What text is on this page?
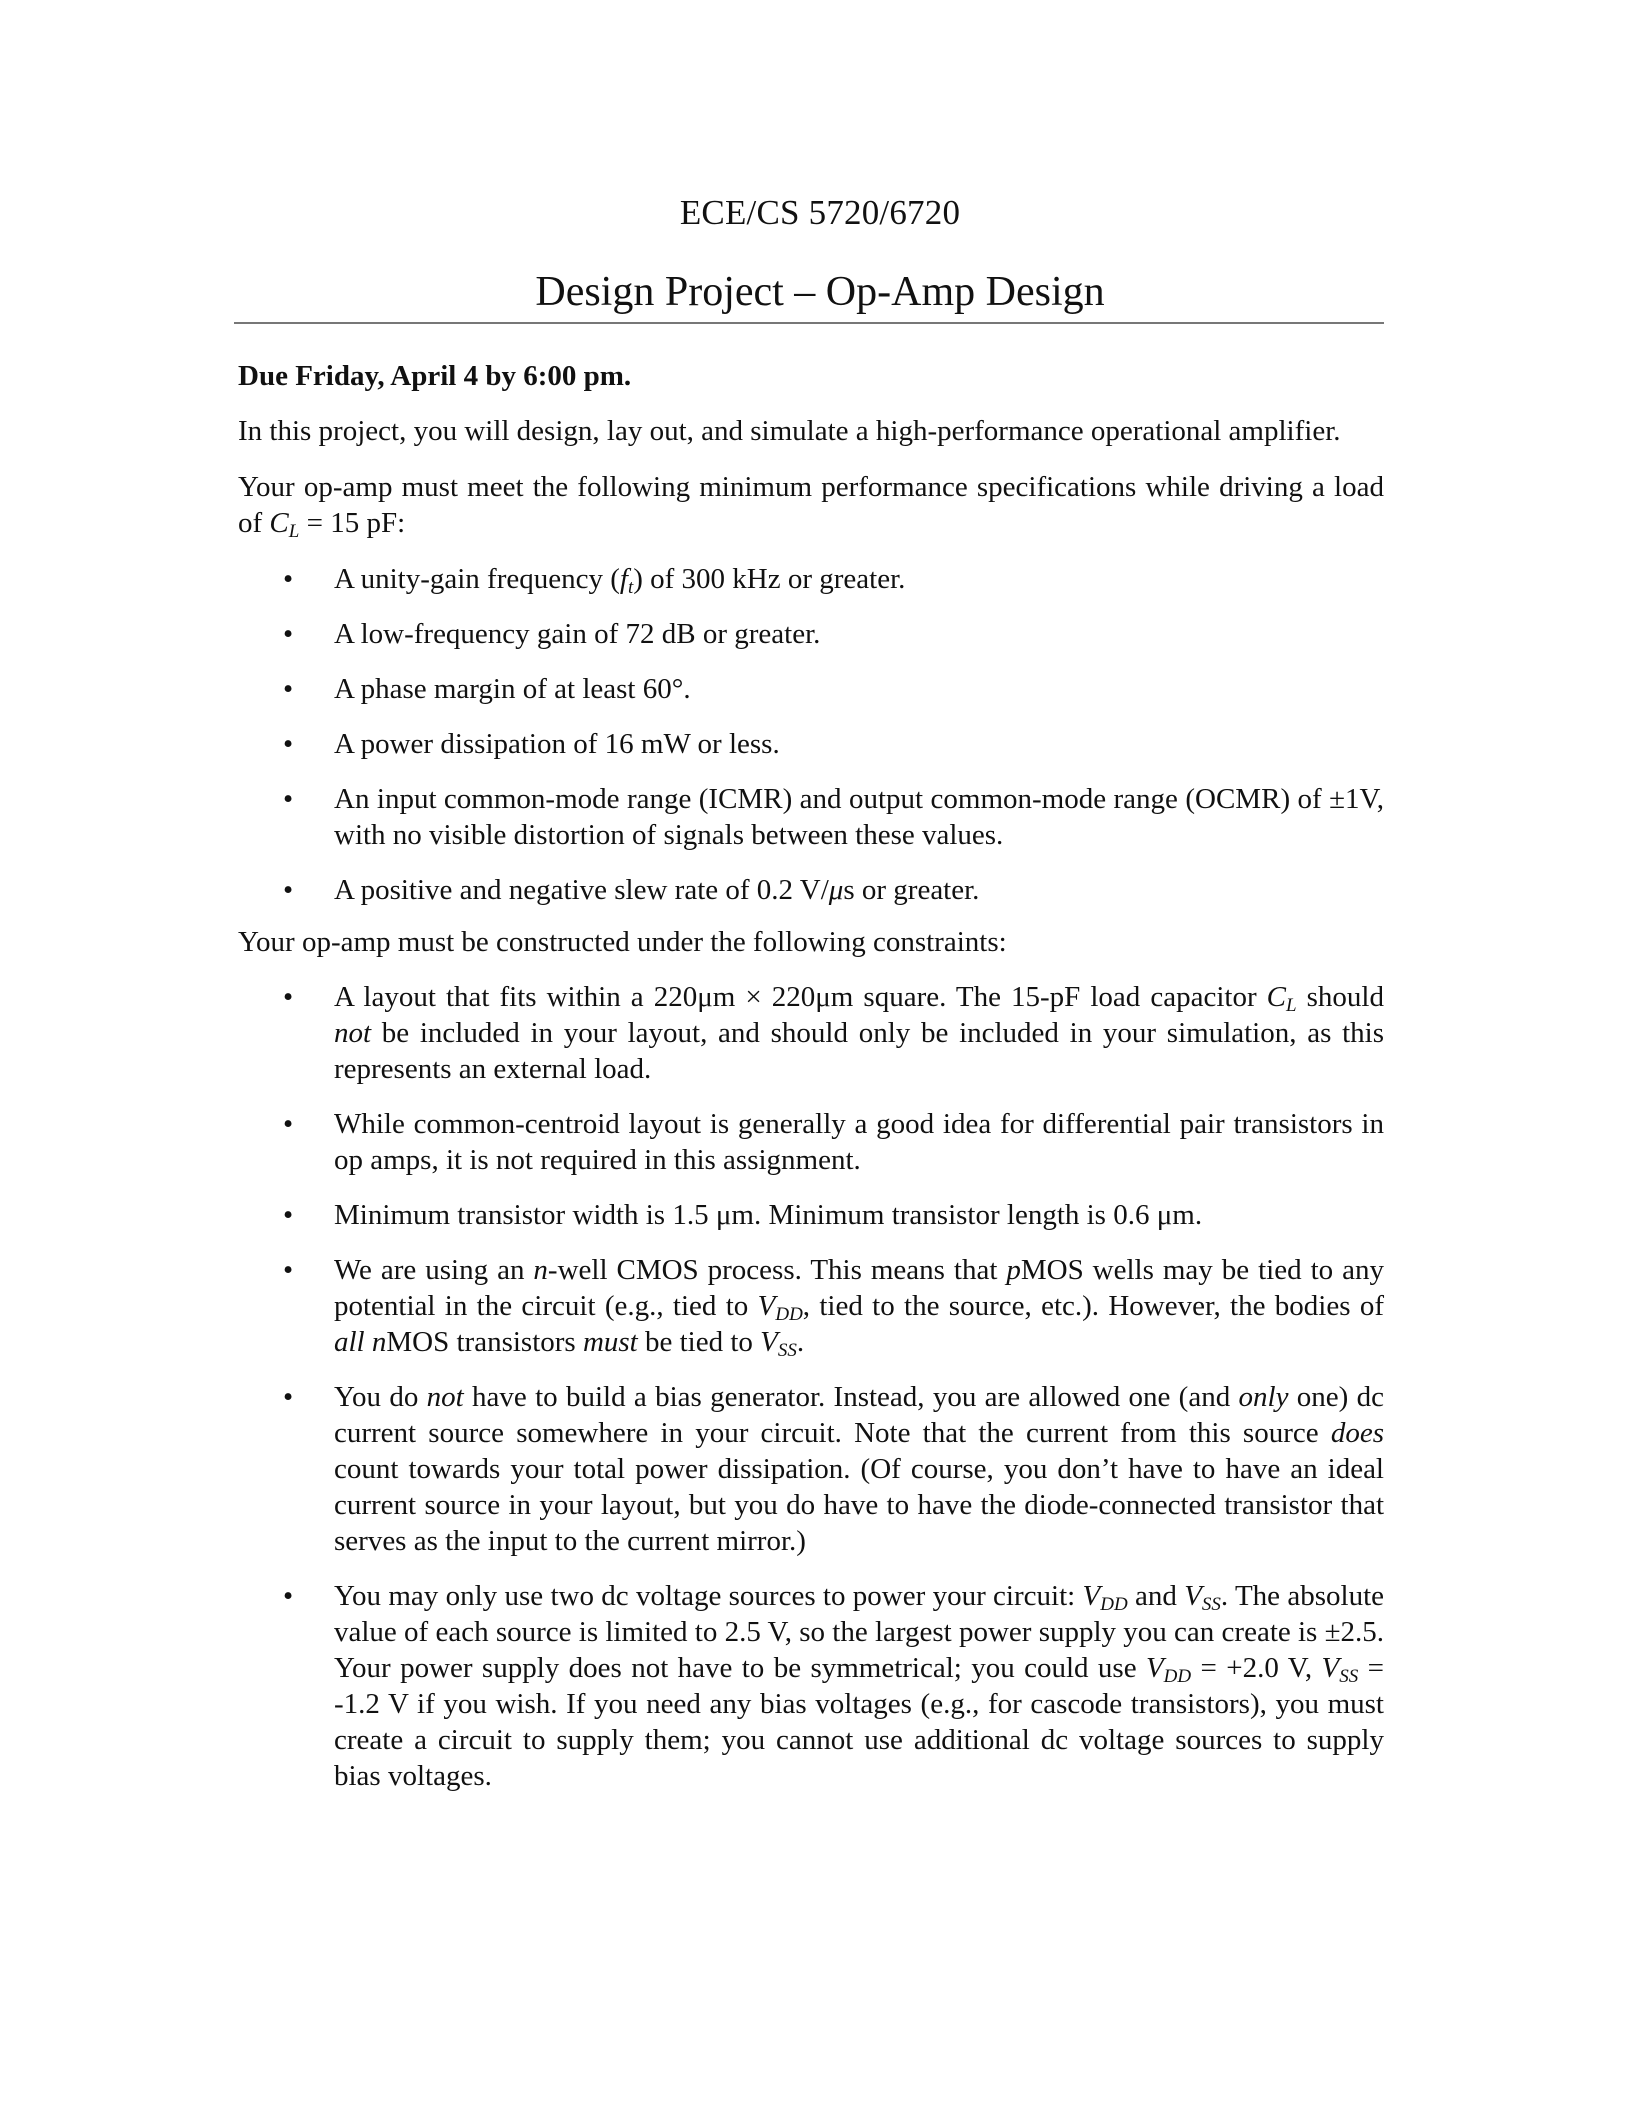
ECE/CS 5720/6720
Design Project – Op-Amp Design

Due Friday, April 4 by 6:00 pm.

In this project, you will design, lay out, and simulate a high-performance operational amplifier.

Your op-amp must meet the following minimum performance specifications while driving a load of $C_L = 15$ pF:

• A unity-gain frequency $(f_t)$ of 300 kHz or greater.
• A low-frequency gain of 72 dB or greater.
• A phase margin of at least 60°.
• A power dissipation of 16 mW or less.
• An input common-mode range (ICMR) and output common-mode range (OCMR) of ±1V, with no visible distortion of signals between these values.
• A positive and negative slew rate of 0.2 V/μs or greater.

Your op-amp must be constructed under the following constraints:

• A layout that fits within a 220μm × 220μm square. The 15-pF load capacitor $C_L$ should not be included in your layout, and should only be included in your simulation, as this represents an external load.
• While common-centroid layout is generally a good idea for differential pair transistors in op amps, it is not required in this assignment.
• Minimum transistor width is 1.5 μm. Minimum transistor length is 0.6 μm.
• We are using an n-well CMOS process. This means that pMOS wells may be tied to any potential in the circuit (e.g., tied to $V_{DD}$, tied to the source, etc.). However, the bodies of all nMOS transistors must be tied to $V_{SS}$.
• You do not have to build a bias generator. Instead, you are allowed one (and only one) dc current source somewhere in your circuit. Note that the current from this source does count towards your total power dissipation. (Of course, you don’t have to have an ideal current source in your layout, but you do have to have the diode-connected transistor that serves as the input to the current mirror.)
• You may only use two dc voltage sources to power your circuit: $V_{DD}$ and $V_{SS}$. The absolute value of each source is limited to 2.5 V, so the largest power supply you can create is ±2.5. Your power supply does not have to be symmetrical; you could use $V_{DD} = +2.0$ V, $V_{SS} = -1.2$ V if you wish. If you need any bias voltages (e.g., for cascode transistors), you must create a circuit to supply them; you cannot use additional dc voltage sources to supply bias voltages.
